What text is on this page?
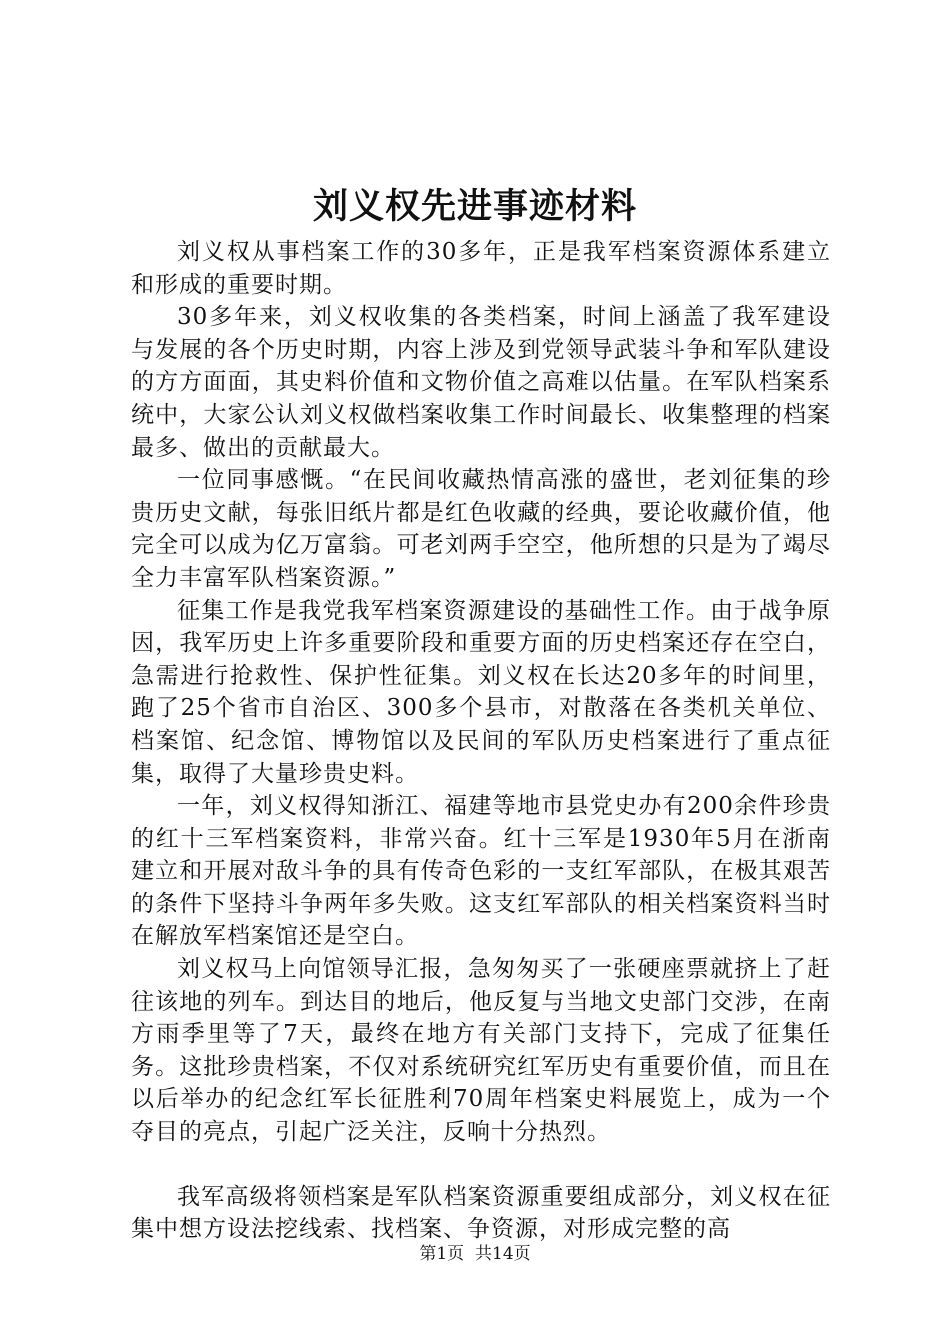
刘义权先进事迹材料

刘义权从事档案工作的30多年，正是我军档案资源体系建立和形成的重要时期。

30多年来，刘义权收集的各类档案，时间上涵盖了我军建设与发展的各个历史时期，内容上涉及到党领导武装斗争和军队建设的方方面面，其史料价值和文物价值之高难以估量。在军队档案系统中，大家公认刘义权做档案收集工作时间最长、收集整理的档案最多、做出的贡献最大。

一位同事感慨。“在民间收藏热情高涨的盛世，老刘征集的珍贵历史文献，每张旧纸片都是红色收藏的经典，要论收藏价值，他完全可以成为亿万富翁。可老刘两手空空，他所想的只是为了竭尽全力丰富军队档案资源。”

征集工作是我党我军档案资源建设的基础性工作。由于战争原因，我军历史上许多重要阶段和重要方面的历史档案还存在空白，急需进行抢救性、保护性征集。刘义权在长达20多年的时间里，跑了25个省市自治区、300多个县市，对散落在各类机关单位、档案馆、纪念馆、博物馆以及民间的军队历史档案进行了重点征集，取得了大量珍贵史料。

一年，刘义权得知浙江、福建等地市县党史办有200余件珍贵的红十三军档案资料，非常兴奋。红十三军是1930年5月在浙南建立和开展对敌斗争的具有传奇色彩的一支红军部队，在极其艰苦的条件下坚持斗争两年多失败。这支红军部队的相关档案资料当时在解放军档案馆还是空白。

刘义权马上向馆领导汇报，急匆匆买了一张硬座票就挤上了赶往该地的列车。到达目的地后，他反复与当地文史部门交涉，在南方雨季里等了7天，最终在地方有关部门支持下，完成了征集任务。这批珍贵档案，不仅对系统研究红军历史有重要价值，而且在以后举办的纪念红军长征胜利70周年档案史料展览上，成为一个夺目的亮点，引起广泛关注，反响十分热烈。

我军高级将领档案是军队档案资源重要组成部分，刘义权在征集中想方设法挖线索、找档案、争资源，对形成完整的高

第1页 共14页
